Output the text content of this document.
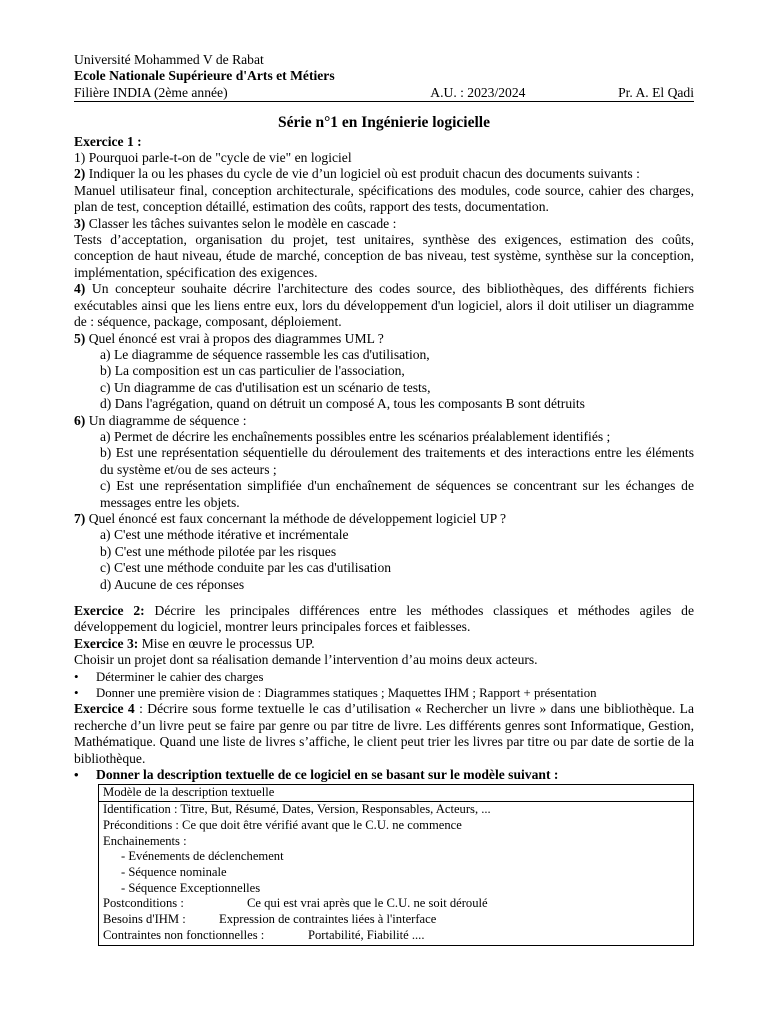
Université Mohammed V de Rabat
Ecole Nationale Supérieure d'Arts et Métiers
Filière INDIA (2ème année)	A.U. : 2023/2024	Pr. A. El Qadi
Série n°1 en Ingénierie logicielle
Exercice 1 :

1) Pourquoi parle-t-on de "cycle de vie" en logiciel

2) Indiquer la ou les phases du cycle de vie d’un logiciel où est produit chacun des documents suivants :

Manuel utilisateur final, conception architecturale, spécifications des modules, code source, cahier des charges, plan de test, conception détaillé, estimation des coûts, rapport des tests, documentation.

3) Classer les tâches suivantes selon le modèle en cascade :

Tests d’acceptation, organisation du projet, test unitaires, synthèse des exigences, estimation des coûts, conception de haut niveau, étude de marché, conception de bas niveau, test système, synthèse sur la conception, implémentation, spécification des exigences.

4) Un concepteur souhaite décrire l'architecture des codes source, des bibliothèques, des différents fichiers exécutables ainsi que les liens entre eux, lors du développement d'un logiciel, alors il doit utiliser un diagramme de : séquence, package, composant, déploiement.

5) Quel énoncé est vrai à propos des diagrammes UML ?

a) Le diagramme de séquence rassemble les cas d'utilisation,
b) La composition est un cas particulier de l'association,
c) Un diagramme de cas d'utilisation est un scénario de tests,
d) Dans l'agrégation, quand on détruit un composé A, tous les composants B sont détruits

6) Un diagramme de séquence :

a) Permet de décrire les enchaînements possibles entre les scénarios préalablement identifiés ;
b) Est une représentation séquentielle du déroulement des traitements et des interactions entre les éléments du système et/ou de ses acteurs ;
c) Est une représentation simplifiée d'un enchaînement de séquences se concentrant sur les échanges de messages entre les objets.

7) Quel énoncé est faux concernant la méthode de développement logiciel UP ?

a) C'est une méthode itérative et incrémentale
b) C'est une méthode pilotée par les risques
c) C'est une méthode conduite par les cas d'utilisation
d) Aucune de ces réponses

Exercice 2: Décrire les principales différences entre les méthodes classiques et méthodes agiles de développement du logiciel, montrer leurs principales forces et faiblesses.

Exercice 3: Mise en œuvre le processus UP.

Choisir un projet dont sa réalisation demande l’intervention d’au moins deux acteurs.

• Déterminer le cahier des charges
• Donner une première vision de : Diagrammes statiques ; Maquettes IHM ; Rapport + présentation

Exercice 4 : Décrire sous forme textuelle le cas d’utilisation « Rechercher un livre » dans une bibliothèque. La recherche d’un livre peut se faire par genre ou par titre de livre. Les différents genres sont Informatique, Gestion, Mathématique. Quand une liste de livres s’affiche, le client peut trier les livres par titre ou par date de sortie de la bibliothèque.

• Donner la description textuelle de ce logiciel en se basant sur le modèle suivant :
Modèle de la description textuelle
Identification : Titre, But, Résumé, Dates, Version, Responsables, Acteurs, ...
Préconditions : Ce que doit être vérifié avant que le C.U. ne commence
Enchainements :
- Evénements de déclenchement
- Séquence nominale
- Séquence Exceptionnelles
Postconditions :	Ce qui est vrai après que le C.U. ne soit déroulé
Besoins d'IHM :	Expression de contraintes liées à l'interface
Contraintes non fonctionnelles :	Portabilité, Fiabilité ....
